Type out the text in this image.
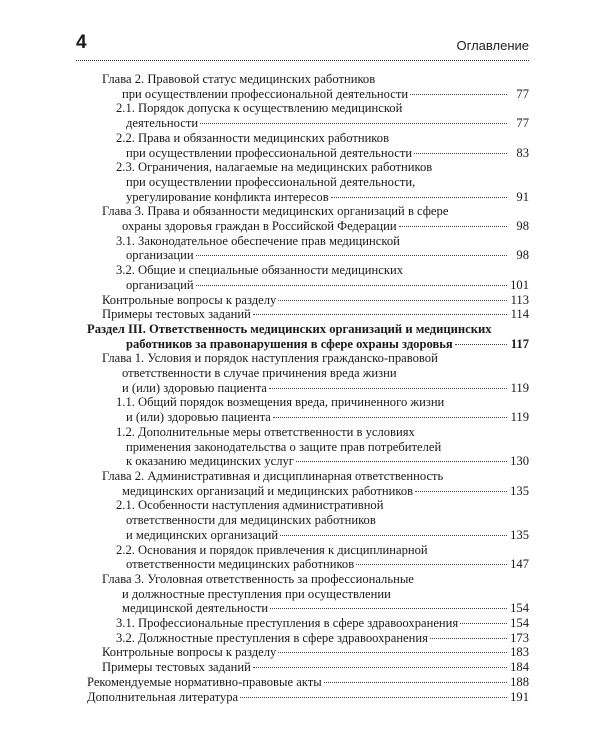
4	Оглавление
Глава 2. Правовой статус медицинских работников
при осуществлении профессиональной деятельности	77
2.1. Порядок допуска к осуществлению медицинской
деятельности	77
2.2. Права и обязанности медицинских работников
при осуществлении профессиональной деятельности	83
2.3. Ограничения, налагаемые на медицинских работников
при осуществлении профессиональной деятельности,
урегулирование конфликта интересов	91
Глава 3. Права и обязанности медицинских организаций в сфере
охраны здоровья граждан в Российской Федерации	98
3.1. Законодательное обеспечение прав медицинской
организации	98
3.2. Общие и специальные обязанности медицинских
организаций	101
Контрольные вопросы к разделу	113
Примеры тестовых заданий	114
Раздел III. Ответственность медицинских организаций и медицинских
работников за правонарушения в сфере охраны здоровья	117
Глава 1. Условия и порядок наступления гражданско-правовой
ответственности в случае причинения вреда жизни
и (или) здоровью пациента	119
1.1. Общий порядок возмещения вреда, причиненного жизни
и (или) здоровью пациента	119
1.2. Дополнительные меры ответственности в условиях
применения законодательства о защите прав потребителей
к оказанию медицинских услуг	130
Глава 2. Административная и дисциплинарная ответственность
медицинских организаций и медицинских работников	135
2.1. Особенности наступления административной
ответственности для медицинских работников
и медицинских организаций	135
2.2. Основания и порядок привлечения к дисциплинарной
ответственности медицинских работников	147
Глава 3. Уголовная ответственность за профессиональные
и должностные преступления при осуществлении
медицинской деятельности	154
3.1. Профессиональные преступления в сфере здравоохранения	154
3.2. Должностные преступления в сфере здравоохранения	173
Контрольные вопросы к разделу	183
Примеры тестовых заданий	184
Рекомендуемые нормативно-правовые акты	188
Дополнительная литература	191
